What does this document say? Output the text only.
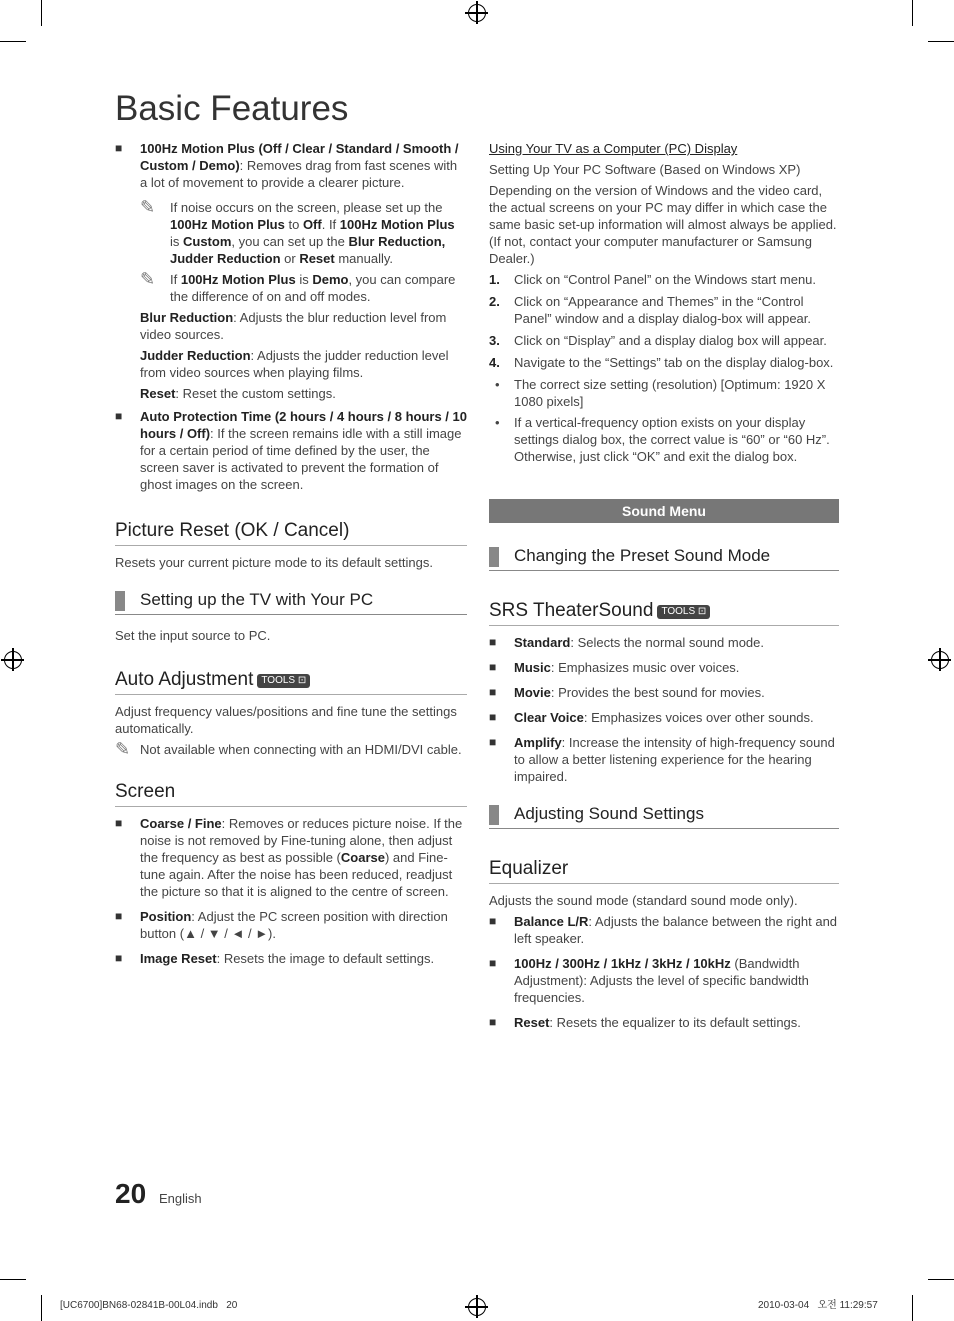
Basic Features
■ 100Hz Motion Plus (Off / Clear / Standard / Smooth / Custom / Demo): Removes drag from fast scenes with a lot of movement to provide a clearer picture.
✎ If noise occurs on the screen, please set up the 100Hz Motion Plus to Off. If 100Hz Motion Plus is Custom, you can set up the Blur Reduction, Judder Reduction or Reset manually.
✎ If 100Hz Motion Plus is Demo, you can compare the difference of on and off modes.
Blur Reduction: Adjusts the blur reduction level from video sources.
Judder Reduction: Adjusts the judder reduction level from video sources when playing films.
Reset: Reset the custom settings.
■ Auto Protection Time (2 hours / 4 hours / 8 hours / 10 hours / Off): If the screen remains idle with a still image for a certain period of time defined by the user, the screen saver is activated to prevent the formation of ghost images on the screen.
Picture Reset (OK / Cancel)
Resets your current picture mode to its default settings.
Setting up the TV with Your PC
Set the input source to PC.
Auto Adjustment TOOLS ⊡
Adjust frequency values/positions and fine tune the settings automatically.
✎ Not available when connecting with an HDMI/DVI cable.
Screen
■ Coarse / Fine: Removes or reduces picture noise. If the noise is not removed by Fine-tuning alone, then adjust the frequency as best as possible (Coarse) and Fine-tune again. After the noise has been reduced, readjust the picture so that it is aligned to the centre of screen.
■ Position: Adjust the PC screen position with direction button (▲ / ▼ / ◄ / ►).
■ Image Reset: Resets the image to default settings.
Using Your TV as a Computer (PC) Display
Setting Up Your PC Software (Based on Windows XP)
Depending on the version of Windows and the video card, the actual screens on your PC may differ in which case the same basic set-up information will almost always be applied. (If not, contact your computer manufacturer or Samsung Dealer.)
1. Click on “Control Panel” on the Windows start menu.
2. Click on “Appearance and Themes” in the “Control Panel” window and a display dialog-box will appear.
3. Click on “Display” and a display dialog box will appear.
4. Navigate to the “Settings” tab on the display dialog-box.
• The correct size setting (resolution) [Optimum: 1920 X 1080 pixels]
• If a vertical-frequency option exists on your display settings dialog box, the correct value is “60” or “60 Hz”. Otherwise, just click “OK” and exit the dialog box.
Sound Menu
Changing the Preset Sound Mode
SRS TheaterSound TOOLS ⊡
■ Standard: Selects the normal sound mode.
■ Music: Emphasizes music over voices.
■ Movie: Provides the best sound for movies.
■ Clear Voice: Emphasizes voices over other sounds.
■ Amplify: Increase the intensity of high-frequency sound to allow a better listening experience for the hearing impaired.
Adjusting Sound Settings
Equalizer
Adjusts the sound mode (standard sound mode only).
■ Balance L/R: Adjusts the balance between the right and left speaker.
■ 100Hz / 300Hz / 1kHz / 3kHz / 10kHz (Bandwidth Adjustment): Adjusts the level of specific bandwidth frequencies.
■ Reset: Resets the equalizer to its default settings.
20 English
[UC6700]BN68-02841B-00L04.indb   20	2010-03-04   오전 11:29:57
